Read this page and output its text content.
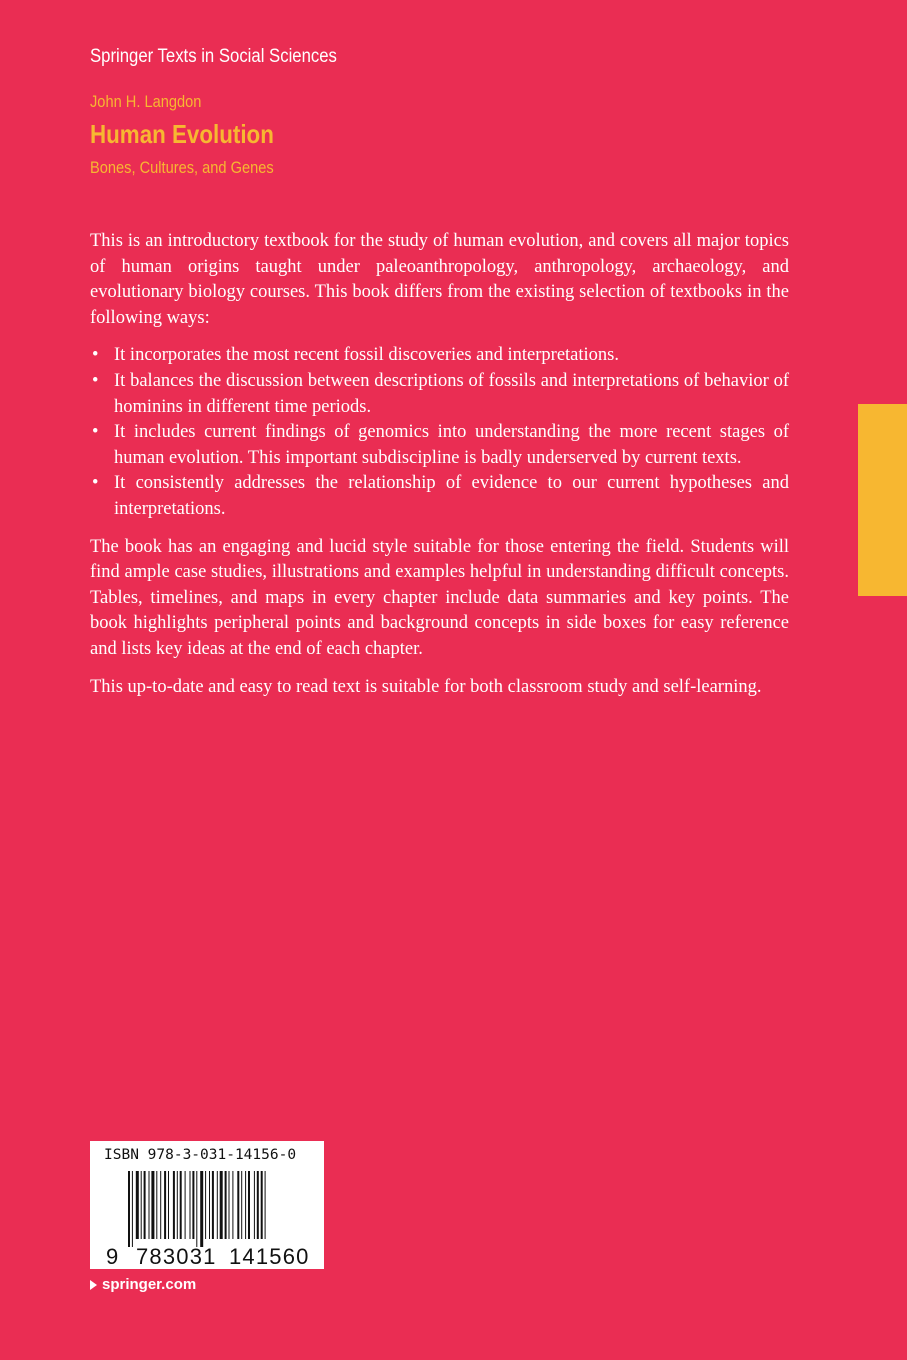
Springer Texts in Social Sciences
John H. Langdon
Human Evolution
Bones, Cultures, and Genes

This is an introductory textbook for the study of human evolution, and covers all major topics of human origins taught under paleoanthropology, anthropology, archaeology, and evolutionary biology courses. This book differs from the existing selection of textbooks in the following ways:

• It incorporates the most recent fossil discoveries and interpretations.
• It balances the discussion between descriptions of fossils and interpretations of behavior of hominins in different time periods.
• It includes current findings of genomics into understanding the more recent stages of human evolution. This important subdiscipline is badly underserved by current texts.
• It consistently addresses the relationship of evidence to our current hypotheses and interpretations.

The book has an engaging and lucid style suitable for those entering the field. Students will find ample case studies, illustrations and examples helpful in understanding difficult concepts. Tables, timelines, and maps in every chapter include data summaries and key points. The book highlights peripheral points and background concepts in side boxes for easy reference and lists key ideas at the end of each chapter.

This up-to-date and easy to read text is suitable for both classroom study and self-learning.

ISBN 978-3-031-14156-0
9 783031 141560
springer.com
